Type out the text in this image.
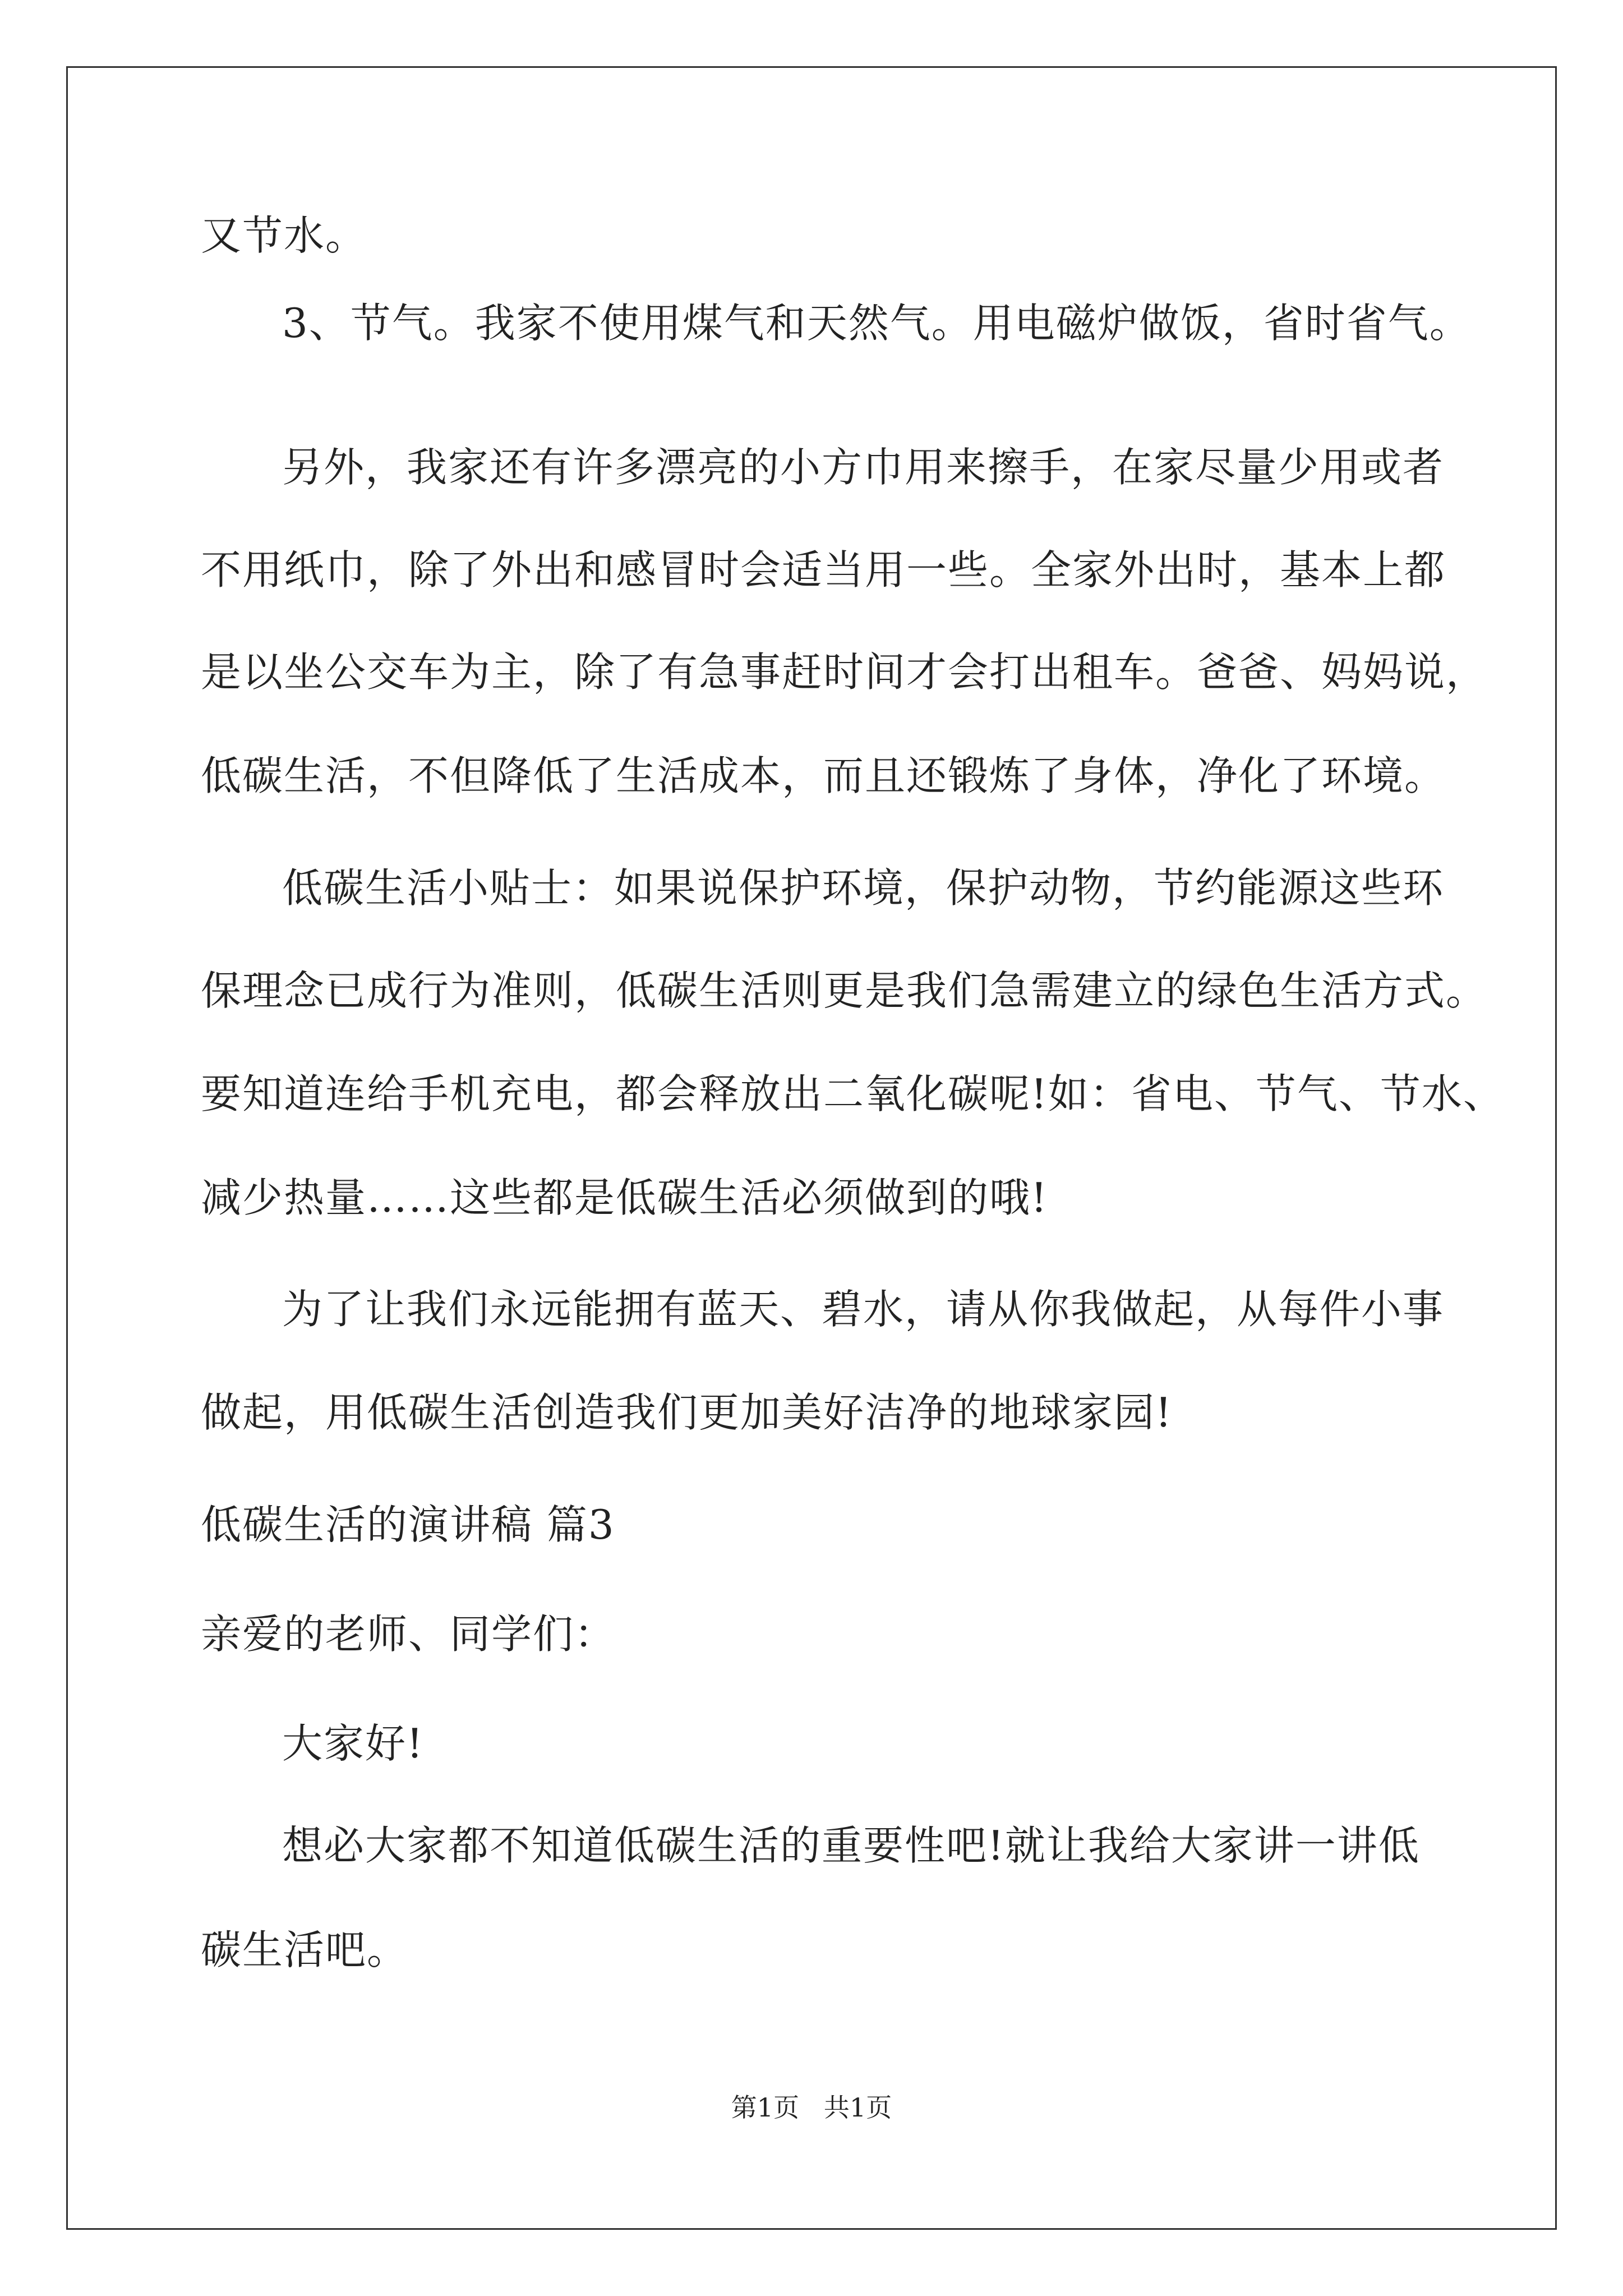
又节水。
3、节气。我家不使用煤气和天然气。用电磁炉做饭，省时省气。
另外，我家还有许多漂亮的小方巾用来擦手，在家尽量少用或者
不用纸巾，除了外出和感冒时会适当用一些。全家外出时，基本上都
是以坐公交车为主，除了有急事赶时间才会打出租车。爸爸、妈妈说，
低碳生活，不但降低了生活成本，而且还锻炼了身体，净化了环境。
低碳生活小贴士：如果说保护环境，保护动物，节约能源这些环
保理念已成行为准则，低碳生活则更是我们急需建立的绿色生活方式。
要知道连给手机充电，都会释放出二氧化碳呢!如：省电、节气、节水、
减少热量……这些都是低碳生活必须做到的哦!
为了让我们永远能拥有蓝天、碧水，请从你我做起，从每件小事
做起，用低碳生活创造我们更加美好洁净的地球家园!
低碳生活的演讲稿 篇3
亲爱的老师、同学们：
大家好!
想必大家都不知道低碳生活的重要性吧!就让我给大家讲一讲低
碳生活吧。
第1页   共1页
